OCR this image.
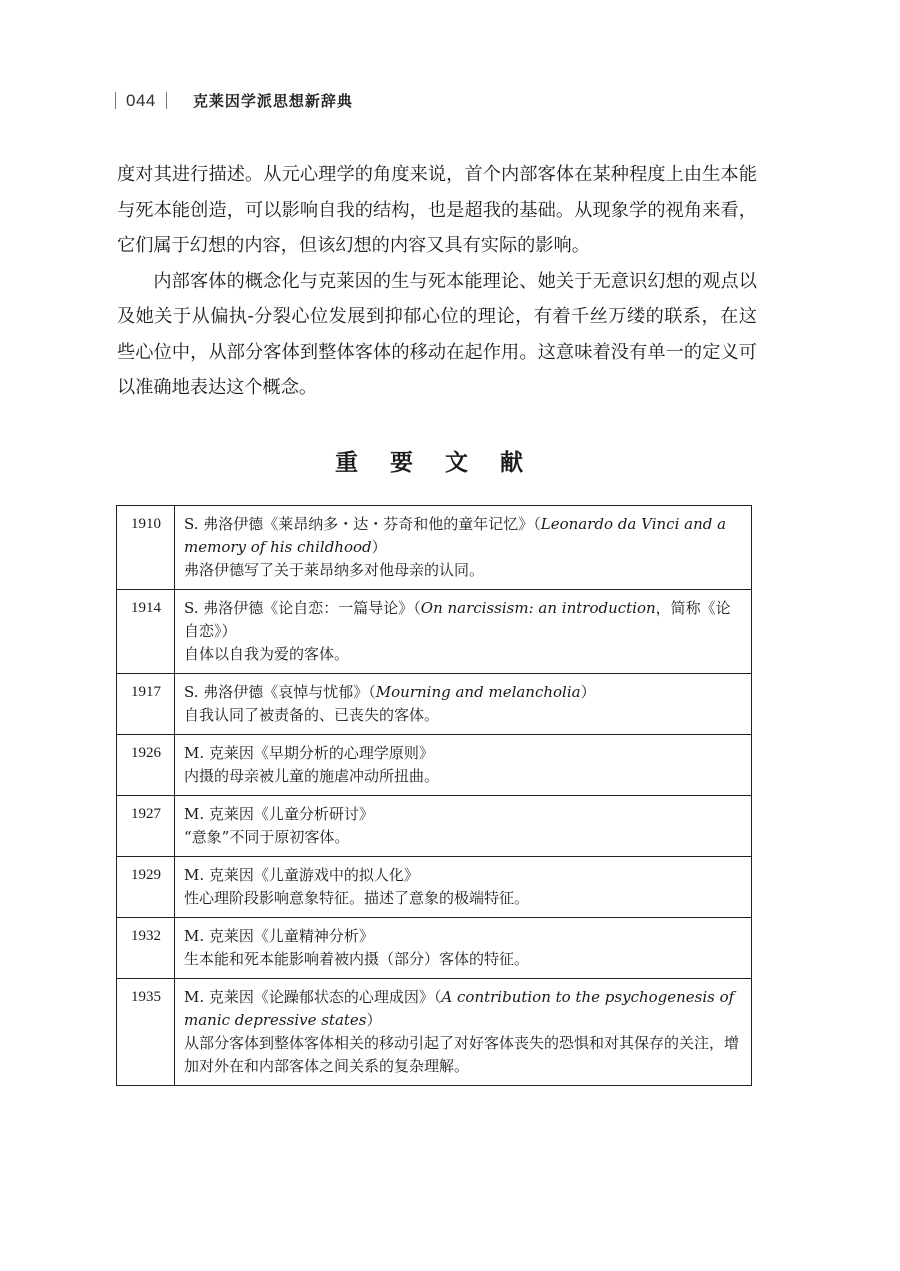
044 克莱因学派思想新辞典

度对其进行描述。从元心理学的角度来说，首个内部客体在某种程度上由生本能与死本能创造，可以影响自我的结构，也是超我的基础。从现象学的视角来看，它们属于幻想的内容，但该幻想的内容又具有实际的影响。

内部客体的概念化与克莱因的生与死本能理论、她关于无意识幻想的观点以及她关于从偏执-分裂心位发展到抑郁心位的理论，有着千丝万缕的联系，在这些心位中，从部分客体到整体客体的移动在起作用。这意味着没有单一的定义可以准确地表达这个概念。

重 要 文 献
1910	S. 弗洛伊德《莱昂纳多・达・芬奇和他的童年记忆》（Leonardo da Vinci and a memory of his childhood）
弗洛伊德写了关于莱昂纳多对他母亲的认同。

1914	S. 弗洛伊德《论自恋：一篇导论》（On narcissism: an introduction，简称《论自恋》）
自体以自我为爱的客体。

1917	S. 弗洛伊德《哀悼与忧郁》（Mourning and melancholia）
自我认同了被责备的、已丧失的客体。

1926	M. 克莱因《早期分析的心理学原则》
内摄的母亲被儿童的施虐冲动所扭曲。

1927	M. 克莱因《儿童分析研讨》
“意象”不同于原初客体。

1929	M. 克莱因《儿童游戏中的拟人化》
性心理阶段影响意象特征。描述了意象的极端特征。

1932	M. 克莱因《儿童精神分析》
生本能和死本能影响着被内摄（部分）客体的特征。

1935	M. 克莱因《论躁郁状态的心理成因》（A contribution to the psychogenesis of manic depressive states）
从部分客体到整体客体相关的移动引起了对好客体丧失的恐惧和对其保存的关注，增加对外在和内部客体之间关系的复杂理解。
